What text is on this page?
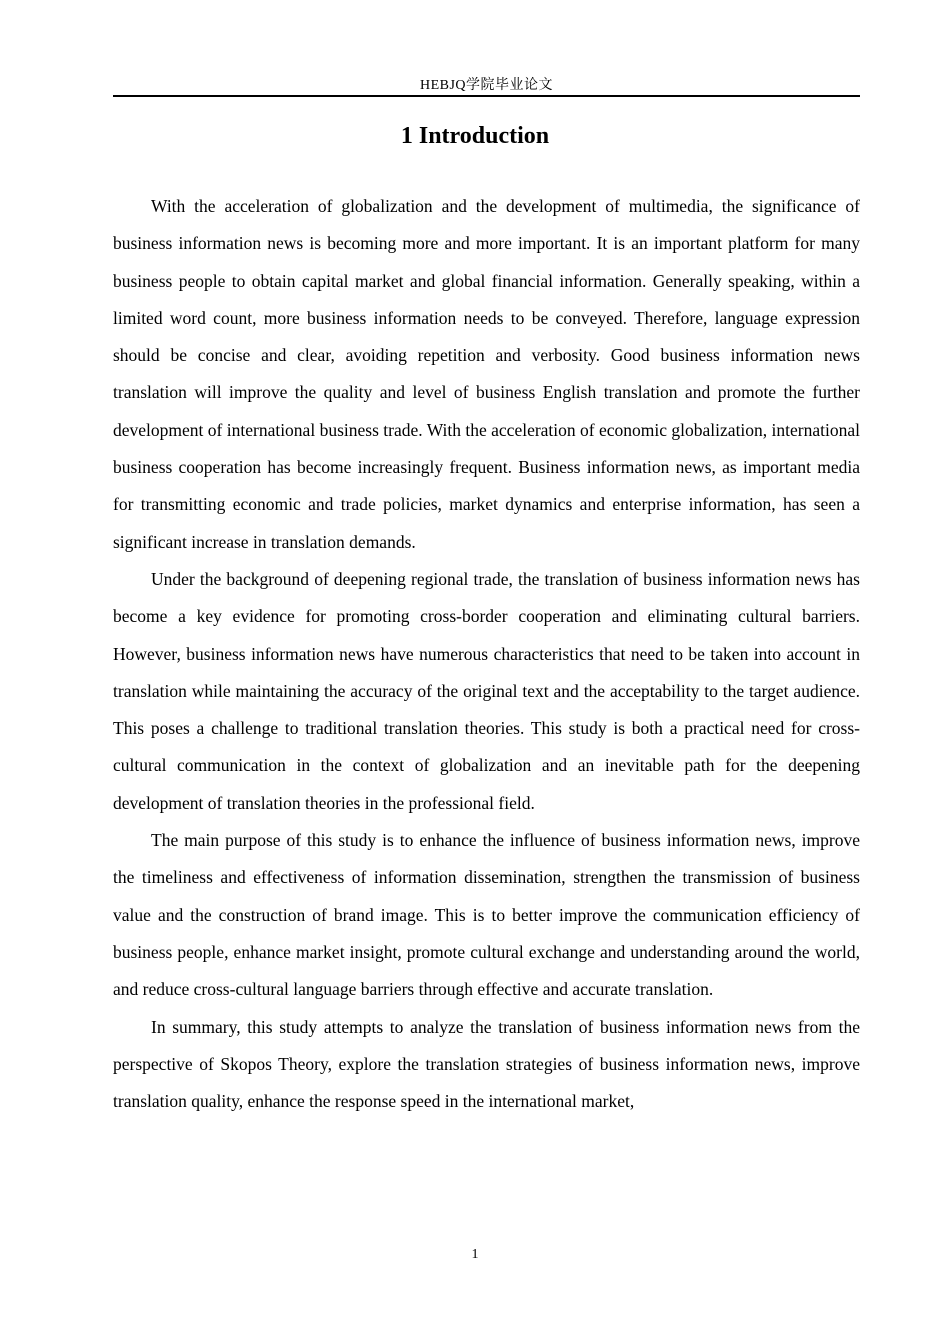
HEBJQ学院毕业论文
1 Introduction

With the acceleration of globalization and the development of multimedia, the significance of business information news is becoming more and more important. It is an important platform for many business people to obtain capital market and global financial information. Generally speaking, within a limited word count, more business information needs to be conveyed. Therefore, language expression should be concise and clear, avoiding repetition and verbosity. Good business information news translation will improve the quality and level of business English translation and promote the further development of international business trade. With the acceleration of economic globalization, international business cooperation has become increasingly frequent. Business information news, as important media for transmitting economic and trade policies, market dynamics and enterprise information, has seen a significant increase in translation demands.

Under the background of deepening regional trade, the translation of business information news has become a key evidence for promoting cross-border cooperation and eliminating cultural barriers. However, business information news have numerous characteristics that need to be taken into account in translation while maintaining the accuracy of the original text and the acceptability to the target audience. This poses a challenge to traditional translation theories. This study is both a practical need for cross-cultural communication in the context of globalization and an inevitable path for the deepening development of translation theories in the professional field.

The main purpose of this study is to enhance the influence of business information news, improve the timeliness and effectiveness of information dissemination, strengthen the transmission of business value and the construction of brand image. This is to better improve the communication efficiency of business people, enhance market insight, promote cultural exchange and understanding around the world, and reduce cross-cultural language barriers through effective and accurate translation.

In summary, this study attempts to analyze the translation of business information news from the perspective of Skopos Theory, explore the translation strategies of business information news, improve translation quality, enhance the response speed in the international market,

1
